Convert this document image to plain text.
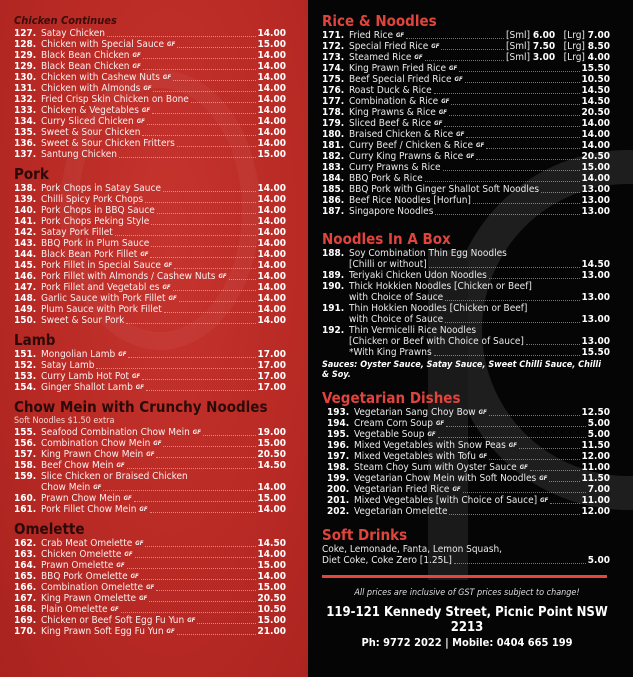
Chicken Continues
127. Satay Chicken	14.00
128. Chicken with Special Sauce GF	15.00
129. Black Bean Chicken GF	14.00
129. Black Bean Chicken GF	14.00
130. Chicken with Cashew Nuts GF	14.00
131. Chicken with Almonds GF	14.00
132. Fried Crisp Skin Chicken on Bone	14.00
133. Chicken & Vegetables GF	14.00
134. Curry Sliced Chicken GF	14.00
135. Sweet & Sour Chicken	14.00
136. Sweet & Sour Chicken Fritters	14.00
137. Santung Chicken	15.00
Pork
138. Pork Chops in Satay Sauce	14.00
139. Chilli Spicy Pork Chops	14.00
140. Pork Chops in BBQ Sauce	14.00
141. Pork Chops Peking Style	14.00
142. Satay Pork Fillet	14.00
143. BBQ Pork in Plum Sauce	14.00
144. Black Bean Pork Fillet GF	14.00
145. Pork Fillet in Special Sauce GF	14.00
146. Pork Fillet with Almonds / Cashew Nuts GF	14.00
147. Pork Fillet and Vegetabl es GF	14.00
148. Garlic Sauce with Pork Fillet GF	14.00
149. Plum Sauce with Pork Fillet	14.00
150. Sweet & Sour Pork	14.00
Lamb
151. Mongolian Lamb GF	17.00
152. Satay Lamb	17.00
153. Curry Lamb Hot Pot GF	17.00
154. Ginger Shallot Lamb GF	17.00
Chow Mein with Crunchy Noodles
Soft Noodles $1.50 extra
155. Seafood Combination Chow Mein GF	19.00
156. Combination Chow Mein GF	15.00
157. King Prawn Chow Mein GF	20.50
158. Beef Chow Mein GF	14.50
159. Slice Chicken or Braised Chicken
Chow Mein GF	14.00
160. Prawn Chow Mein GF	15.00
161. Pork Fillet Chow Mein GF	14.00
Omelette
162. Crab Meat Omelette GF	14.50
163. Chicken Omelette GF	14.00
164. Prawn Omelette GF	15.00
165. BBQ Pork Omelette GF	14.00
166. Combination Omelette GF	15.00
167. King Prawn Omelette GF	20.50
168. Plain Omelette GF	10.50
169. Chicken or Beef Soft Egg Fu Yun GF	15.00
170. King Prawn Soft Egg Fu Yun GF	21.00
Rice & Noodles
171. Fried Rice GF	[Sml] 6.00 [Lrg] 7.00
172. Special Fried Rice GF	[Sml] 7.50 [Lrg] 8.50
173. Steamed Rice GF	[Sml] 3.00 [Lrg] 4.00
174. King Prawn Fried Rice GF	15.50
175. Beef Special Fried Rice GF	10.50
176. Roast Duck & Rice	14.50
177. Combination & Rice GF	14.50
178. King Prawns & Rice GF	20.50
179. Sliced Beef & Rice GF	14.00
180. Braised Chicken & Rice GF	14.00
181. Curry Beef / Chicken & Rice GF	14.00
182. Curry King Prawns & Rice GF	20.50
183. Curry Prawns & Rice	15.00
184. BBQ Pork & Rice	14.00
185. BBQ Pork with Ginger Shallot Soft Noodles	13.00
186. Beef Rice Noodles [Horfun]	13.00
187. Singapore Noodles	13.00
Noodles In A Box
188. Soy Combination Thin Egg Noodles
[Chilli or without]	14.50
189. Teriyaki Chicken Udon Noodles	13.00
190. Thick Hokkien Noodles [Chicken or Beef]
with Choice of Sauce	13.00
191. Thin Hokkien Noodles [Chicken or Beef]
with Choice of Sauce	13.00
192. Thin Vermicelli Rice Noodles
[Chicken or Beef with Choice of Sauce]	13.00
*With King Prawns	15.50
Sauces: Oyster Sauce, Satay Sauce, Sweet Chilli Sauce, Chilli & Soy.
Vegetarian Dishes
193. Vegetarian Sang Choy Bow GF	12.50
194. Cream Corn Soup GF	5.00
195. Vegetable Soup GF	5.00
196. Mixed Vegetables with Snow Peas GF	11.50
197. Mixed Vegetables with Tofu GF	12.00
198. Steam Choy Sum with Oyster Sauce GF	11.00
199. Vegetarian Chow Mein with Soft Noodles GF	11.50
200. Vegetarian Fried Rice GF	7.00
201. Mixed Vegetables [with Choice of Sauce] GF	11.00
202. Vegetarian Omelette	12.00
Soft Drinks
Coke, Lemonade, Fanta, Lemon Squash,
Diet Coke, Coke Zero [1.25L]	5.00
All prices are inclusive of GST prices subject to change!
119-121 Kennedy Street, Picnic Point NSW 2213
Ph: 9772 2022 | Mobile: 0404 665 199
